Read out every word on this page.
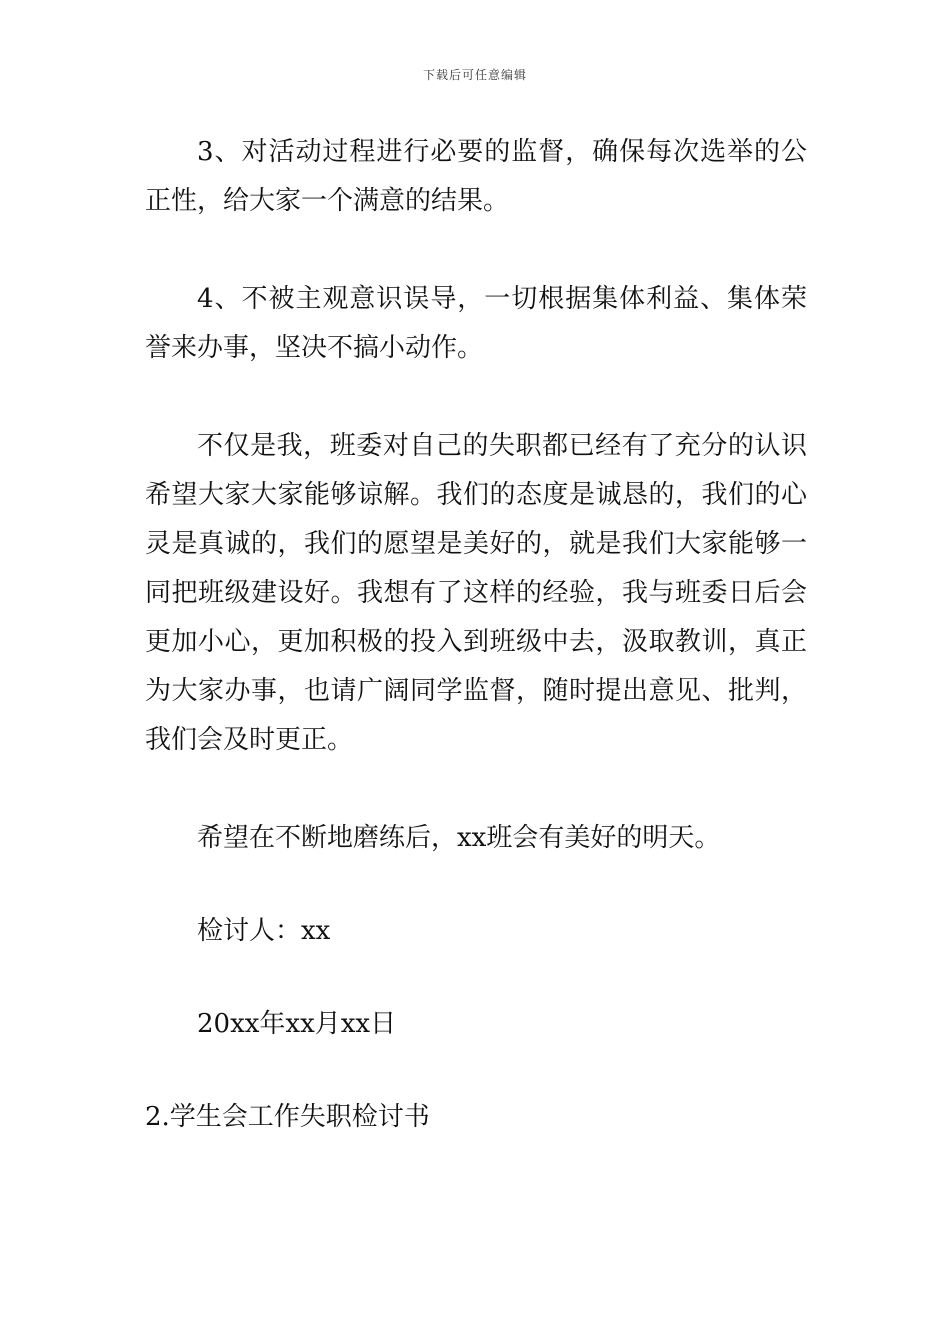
下载后可任意编辑

3、对活动过程进行必要的监督，确保每次选举的公正性，给大家一个满意的结果。

4、不被主观意识误导，一切根据集体利益、集体荣誉来办事，坚决不搞小动作。

不仅是我，班委对自己的失职都已经有了充分的认识希望大家大家能够谅解。我们的态度是诚恳的，我们的心灵是真诚的，我们的愿望是美好的，就是我们大家能够一同把班级建设好。我想有了这样的经验，我与班委日后会更加小心，更加积极的投入到班级中去，汲取教训，真正为大家办事，也请广阔同学监督，随时提出意见、批判，我们会及时更正。

希望在不断地磨练后，xx班会有美好的明天。

检讨人：xx

20xx年xx月xx日

2.学生会工作失职检讨书
